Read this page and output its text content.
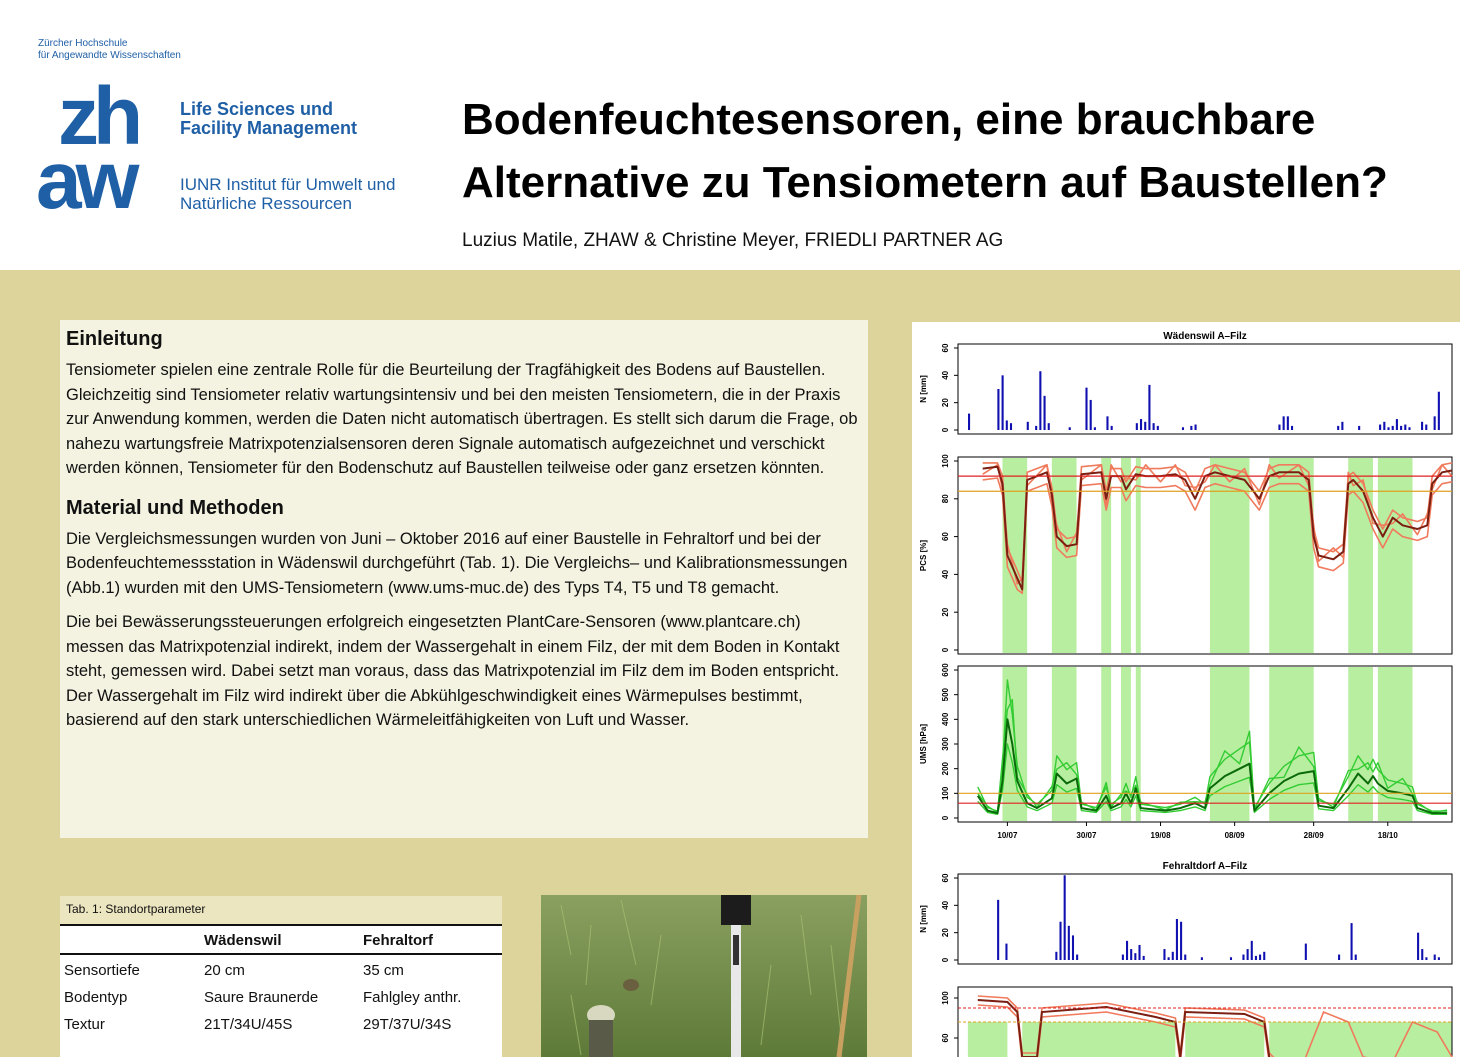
Zürcher Hochschule
für Angewandte Wissenschaften
zh
aw
Life Sciences und
Facility Management
IUNR Institut für Umwelt und
Natürliche Ressourcen
Bodenfeuchtesensoren, eine brauchbare
Alternative zu Tensiometern auf Baustellen?
Luzius Matile, ZHAW & Christine Meyer, FRIEDLI PARTNER AG
Einleitung
Tensiometer spielen eine zentrale Rolle für die Beurteilung der Tragfähigkeit des Bodens auf Baustellen. Gleichzeitig sind Tensiometer relativ wartungsintensiv und bei den meisten Tensiometern, die in der Praxis zur Anwendung kommen, werden die Daten nicht automatisch übertragen. Es stellt sich darum die Frage, ob nahezu wartungsfreie Matrixpotenzialsensoren deren Signale automatisch aufgezeichnet und verschickt werden können, Tensiometer für den Bodenschutz auf Baustellen teilweise oder ganz ersetzen könnten.
Material und Methoden
Die Vergleichsmessungen wurden von Juni – Oktober 2016 auf einer Baustelle in Fehraltorf und bei der Bodenfeuchtemessstation in Wädenswil durchgeführt (Tab. 1). Die Vergleichs– und Kalibrationsmessungen (Abb.1) wurden mit den UMS-Tensiometern (www.ums-muc.de) des Typs T4, T5 und T8 gemacht.
Die bei Bewässerungssteuerungen erfolgreich eingesetzten PlantCare-Sensoren (www.plantcare.ch) messen das Matrixpotenzial indirekt, indem der Wassergehalt in einem Filz, der mit dem Boden in Kontakt steht, gemessen wird. Dabei setzt man voraus, dass das Matrixpotenzial im Filz dem im Boden entspricht. Der Wassergehalt im Filz wird indirekt über die Abkühlgeschwindigkeit eines Wärmepulses bestimmt, basierend auf den stark unterschiedlichen Wärmeleitfähigkeiten von Luft und Wasser.
Tab. 1: Standortparameter
	Wädenswil	Fehraltorf
Sensortiefe	20 cm	35 cm
Bodentyp	Saure Braunerde	Fahlgley anthr.
Textur	21T/34U/45S	29T/37U/34S
Wädenswil A–Filz
0
20
40
60
N [mm]
0
20
40
60
80
100
PCS [%]
0
100
200
300
400
500
600
UMS [hPa]
10/07	30/07	19/08	08/09	28/09	18/10
Fehraltdorf A–Filz
0
20
40
60
N [mm]
100
60
